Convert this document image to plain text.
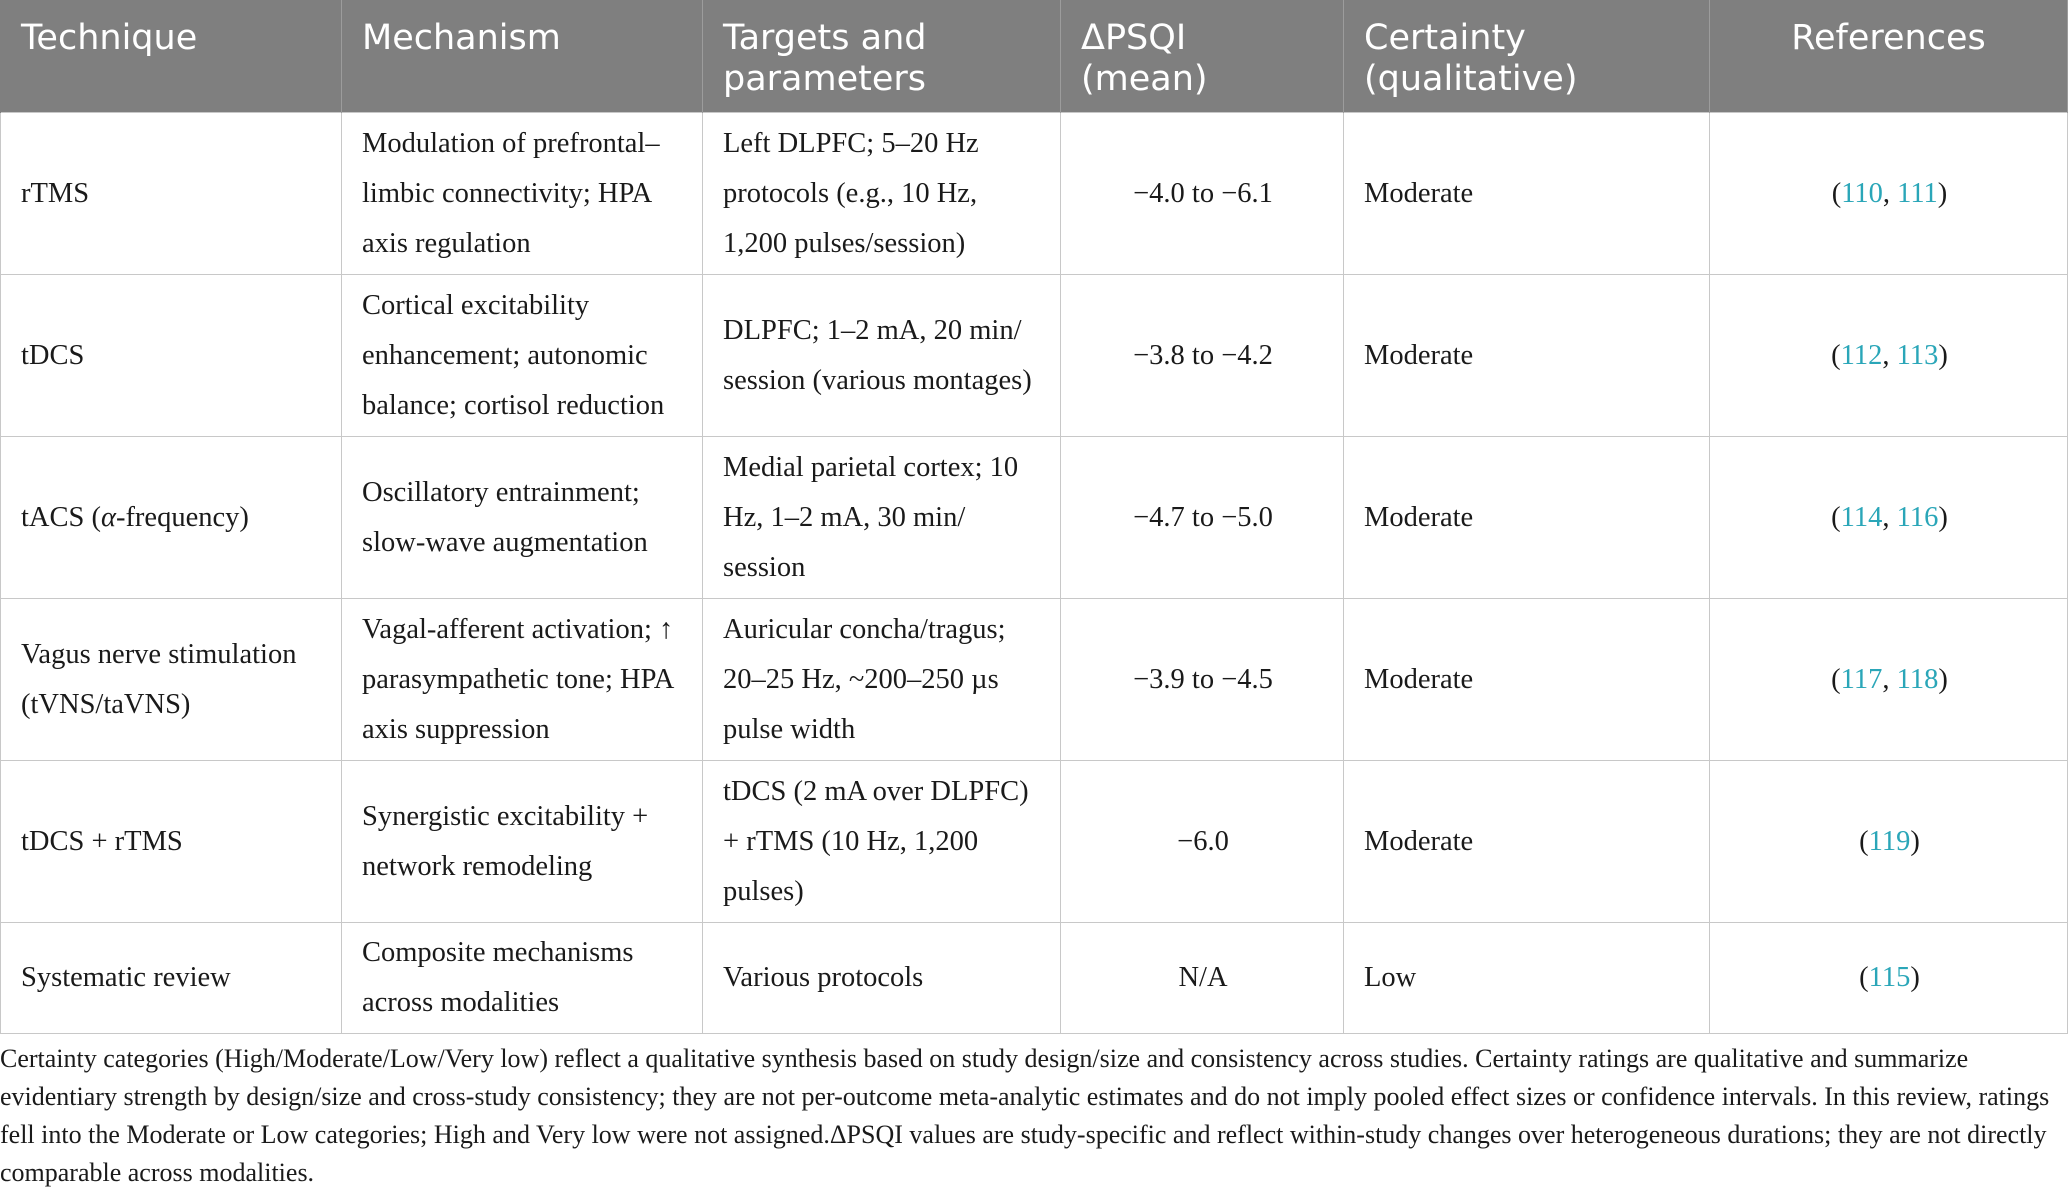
Technique	Mechanism	Targets and parameters	ΔPSQI (mean)	Certainty (qualitative)	References
rTMS	Modulation of prefrontal–limbic connectivity; HPA axis regulation	Left DLPFC; 5–20 Hz protocols (e.g., 10 Hz, 1,200 pulses/session)	−4.0 to −6.1	Moderate	(110, 111)
tDCS	Cortical excitability enhancement; autonomic balance; cortisol reduction	DLPFC; 1–2 mA, 20 min/ session (various montages)	−3.8 to −4.2	Moderate	(112, 113)
tACS (α-frequency)	Oscillatory entrainment; slow-wave augmentation	Medial parietal cortex; 10 Hz, 1–2 mA, 30 min/ session	−4.7 to −5.0	Moderate	(114, 116)
Vagus nerve stimulation (tVNS/taVNS)	Vagal-afferent activation; ↑ parasympathetic tone; HPA axis suppression	Auricular concha/tragus; 20–25 Hz, ~200–250 µs pulse width	−3.9 to −4.5	Moderate	(117, 118)
tDCS + rTMS	Synergistic excitability + network remodeling	tDCS (2 mA over DLPFC) + rTMS (10 Hz, 1,200 pulses)	−6.0	Moderate	(119)
Systematic review	Composite mechanisms across modalities	Various protocols	N/A	Low	(115)

Certainty categories (High/Moderate/Low/Very low) reflect a qualitative synthesis based on study design/size and consistency across studies. Certainty ratings are qualitative and summarize evidentiary strength by design/size and cross-study consistency; they are not per-outcome meta-analytic estimates and do not imply pooled effect sizes or confidence intervals. In this review, ratings fell into the Moderate or Low categories; High and Very low were not assigned.ΔPSQI values are study-specific and reflect within-study changes over heterogeneous durations; they are not directly comparable across modalities.
